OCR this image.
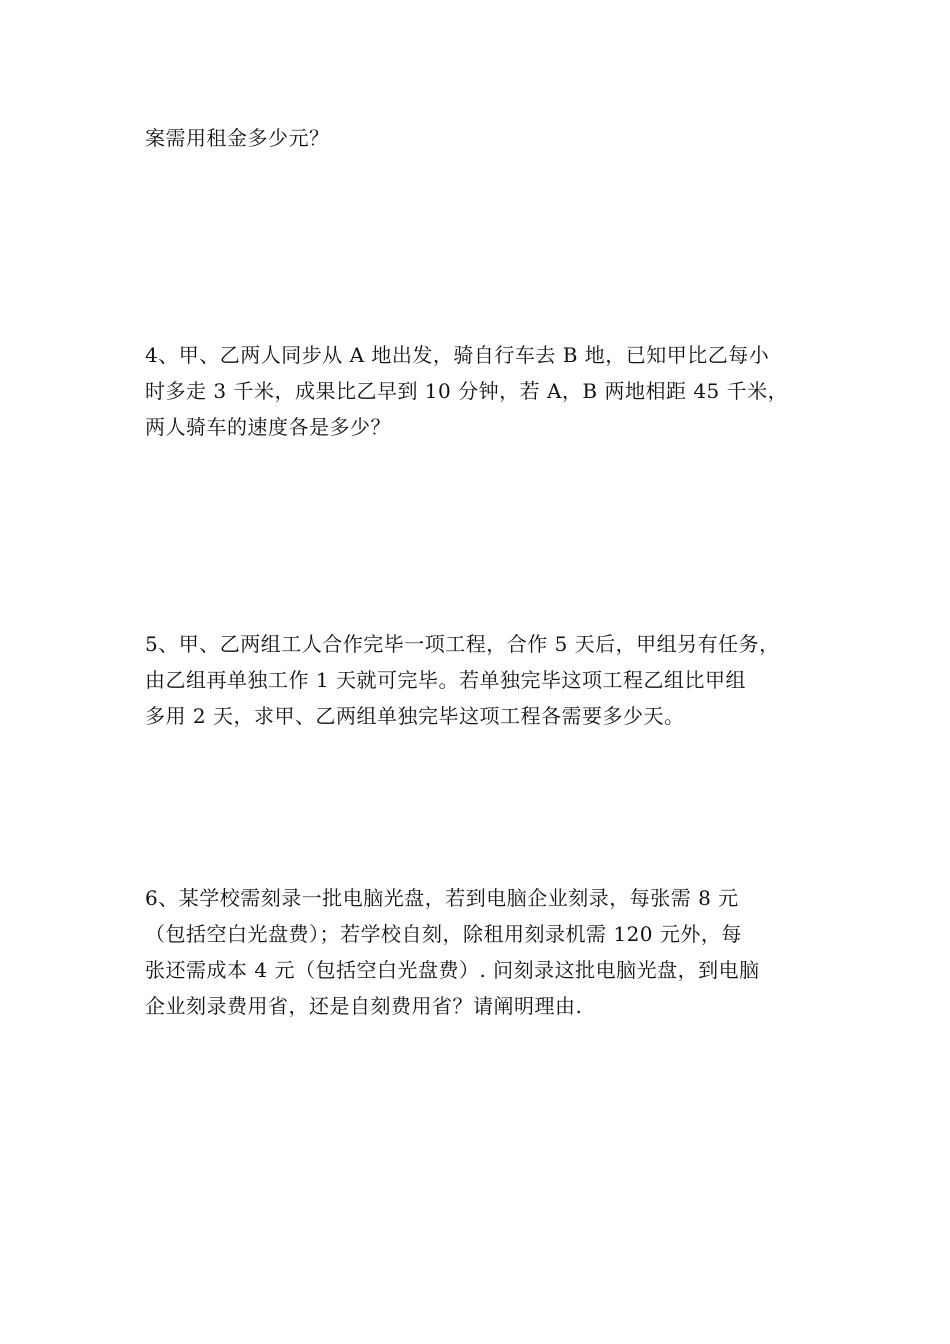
案需用租金多少元？
4、甲、乙两人同步从 A 地出发，骑自行车去 B 地，已知甲比乙每小
时多走 3 千米，成果比乙早到 10 分钟，若 A，B 两地相距 45 千米，
两人骑车的速度各是多少？
5、甲、乙两组工人合作完毕一项工程，合作 5 天后，甲组另有任务，
由乙组再单独工作 1 天就可完毕。若单独完毕这项工程乙组比甲组
多用 2 天，求甲、乙两组单独完毕这项工程各需要多少天。
6、某学校需刻录一批电脑光盘，若到电脑企业刻录，每张需 8 元
（包括空白光盘费）；若学校自刻，除租用刻录机需 120 元外，每
张还需成本 4 元（包括空白光盘费）. 问刻录这批电脑光盘，到电脑
企业刻录费用省，还是自刻费用省？请阐明理由.
